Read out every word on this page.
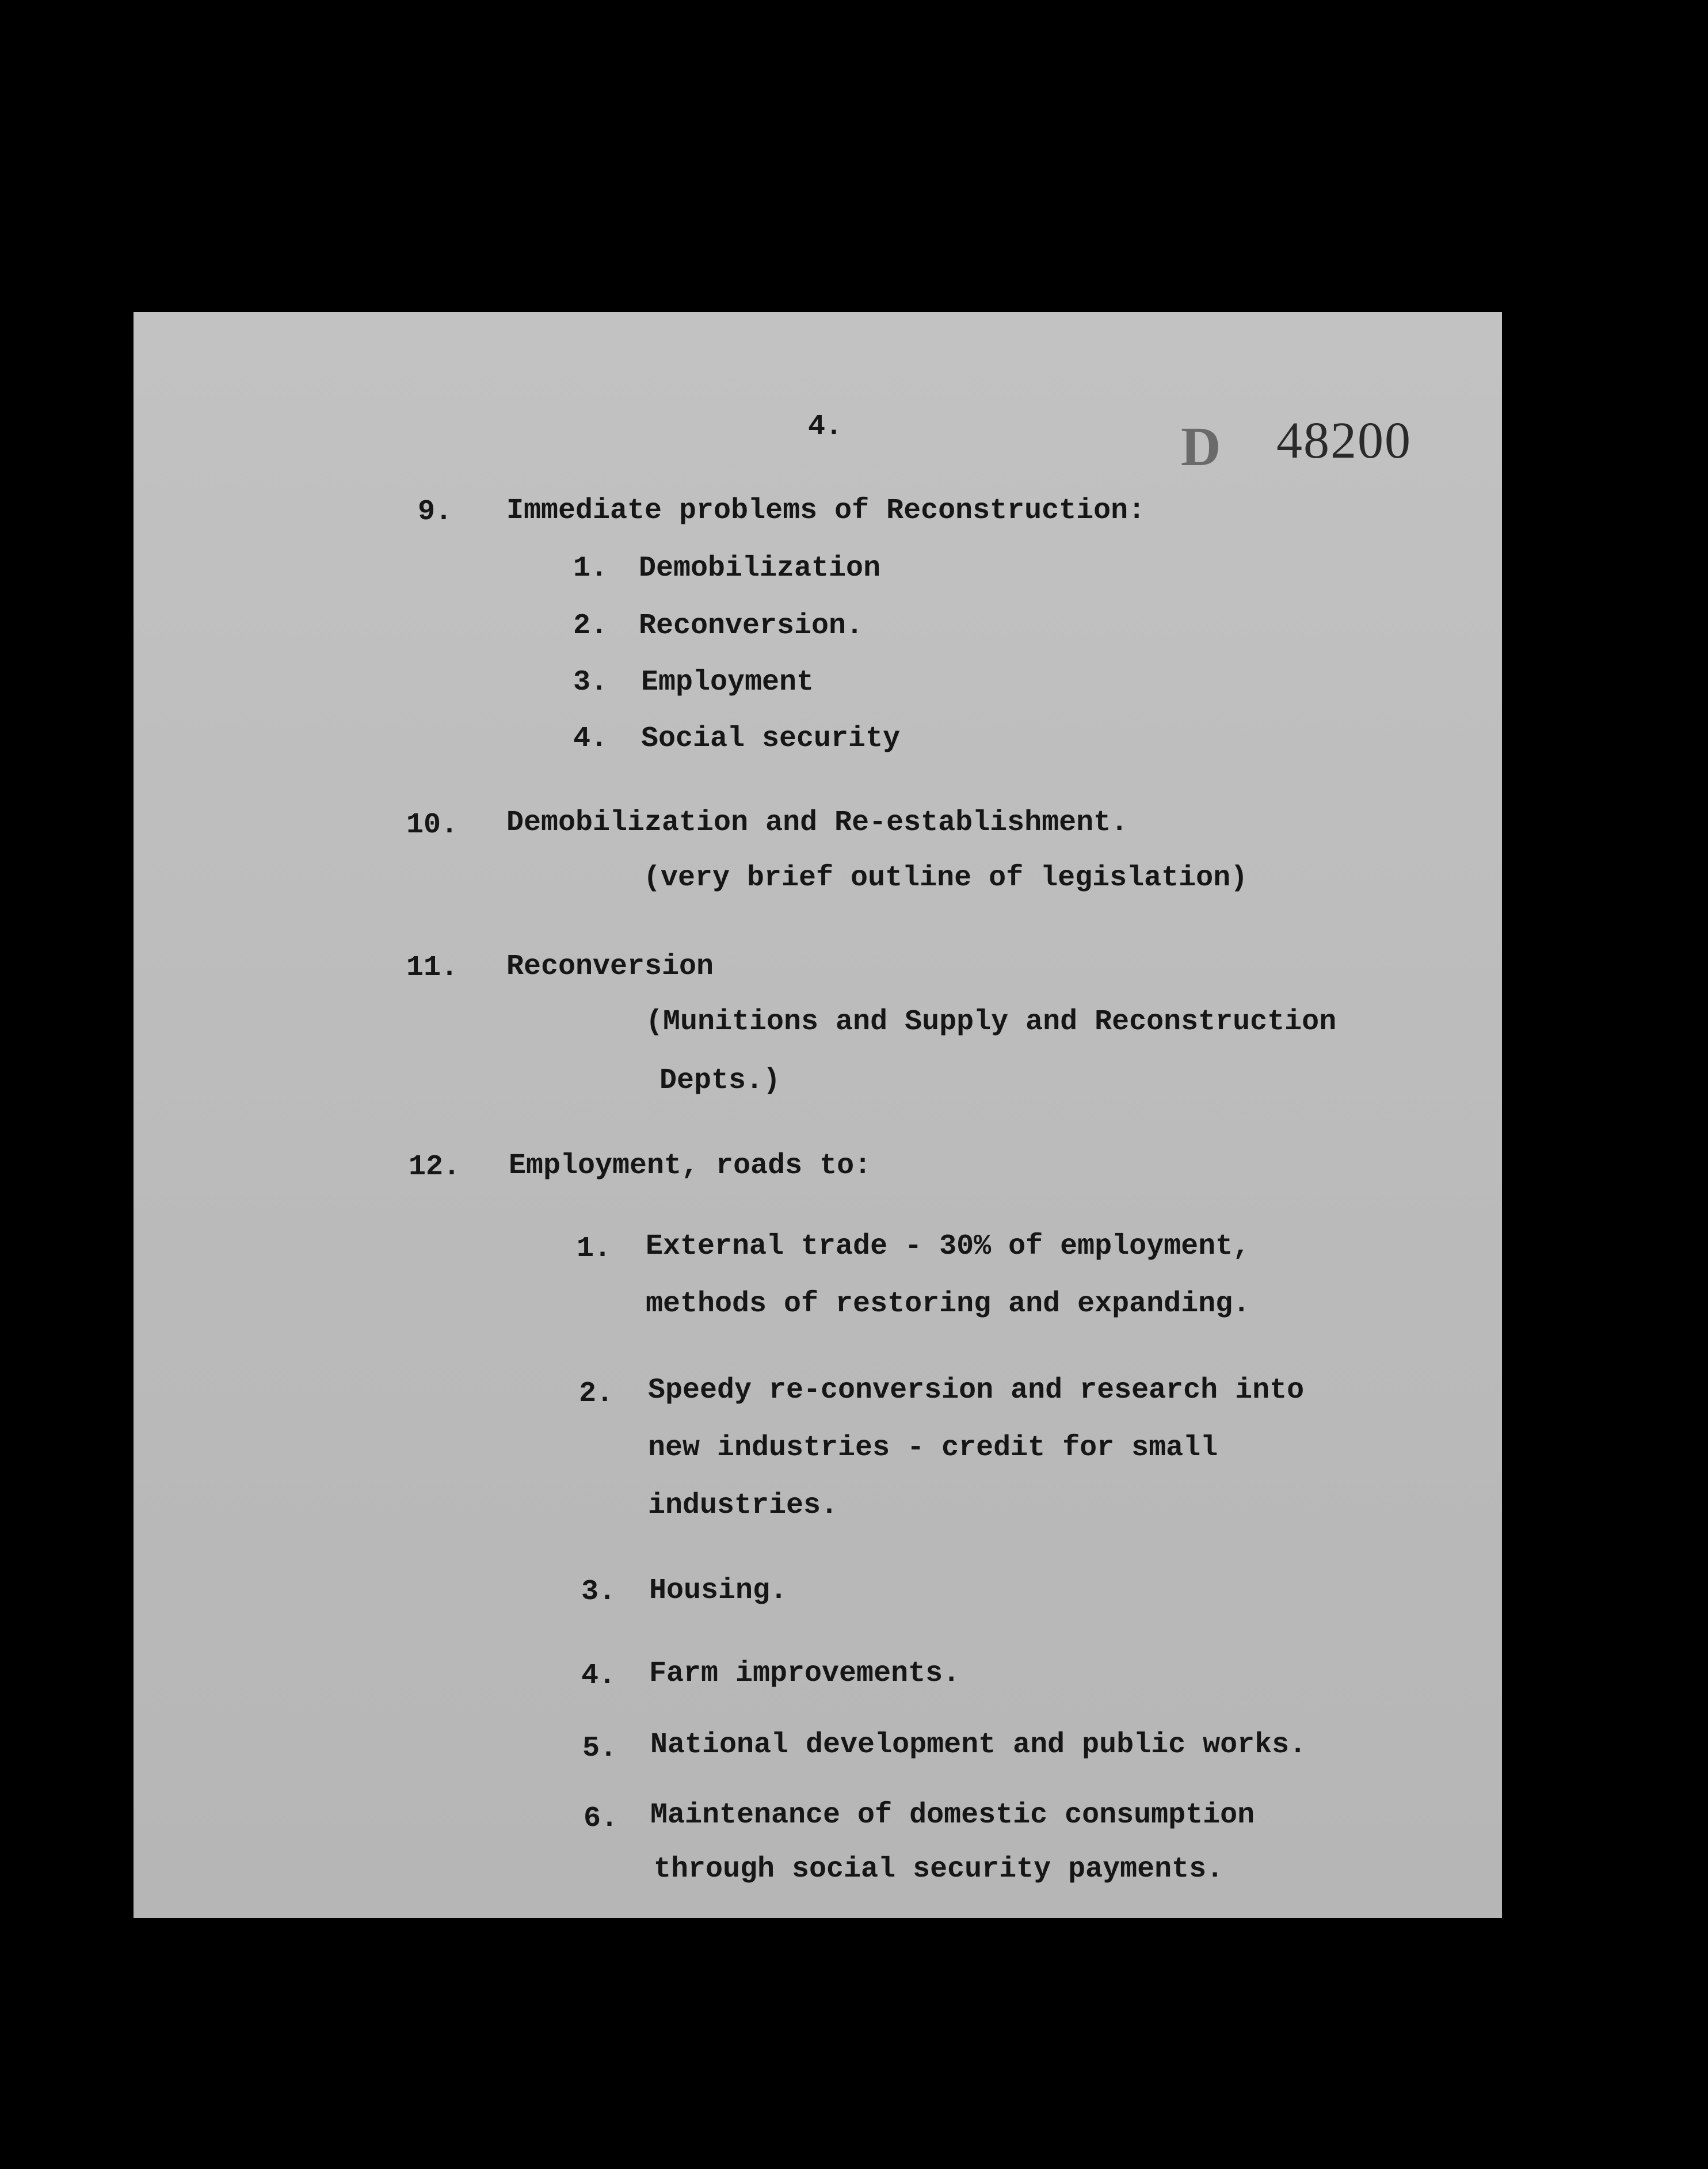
4.	D 48200

9. Immediate problems of Reconstruction:

1. Demobilization

2. Reconversion.

3. Employment

4. Social security

10. Demobilization and Re-establishment.

(very brief outline of legislation)

11. Reconversion

(Munitions and Supply and Reconstruction

Depts.)

12. Employment, roads to:

1. External trade - 30% of employment,

methods of restoring and expanding.

2. Speedy re-conversion and research into

new industries - credit for small

industries.

3. Housing.

4. Farm improvements.

5. National development and public works.

6. Maintenance of domestic consumption

through social security payments.
